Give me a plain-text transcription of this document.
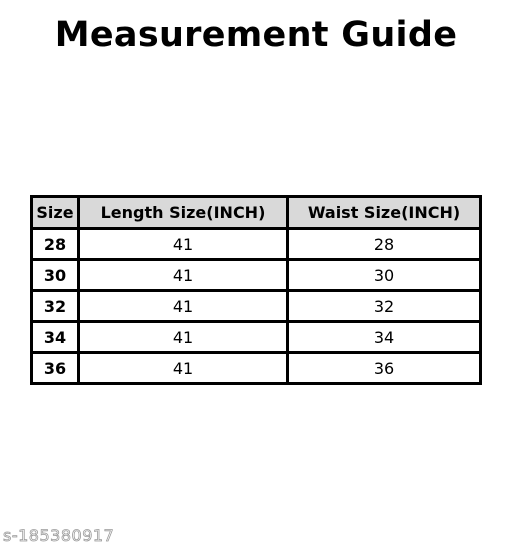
Measurement Guide
Size	Length Size(INCH)	Waist Size(INCH)
28	41	28
30	41	30
32	41	32
34	41	34
36	41	36
s-185380917
